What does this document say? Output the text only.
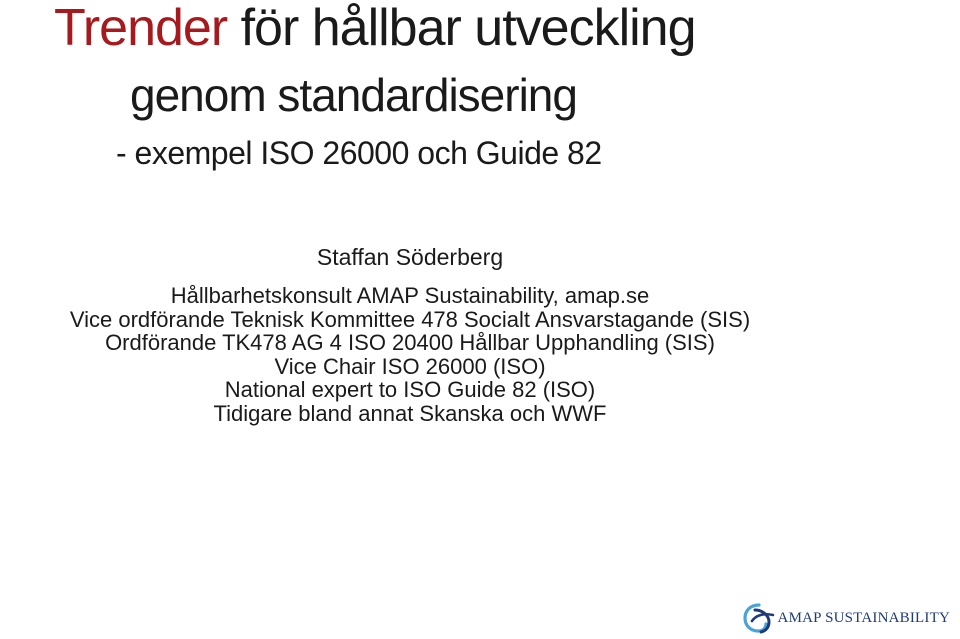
Trender för hållbar utveckling
genom standardisering
- exempel ISO 26000 och Guide 82
Staffan Söderberg
Hållbarhetskonsult AMAP Sustainability, amap.se
Vice ordförande Teknisk Kommittee 478 Socialt Ansvarstagande (SIS)
Ordförande TK478 AG 4 ISO 20400 Hållbar Upphandling (SIS)
Vice Chair ISO 26000 (ISO)
National expert to ISO Guide 82 (ISO)
Tidigare bland annat Skanska och WWF
AMAP SUSTAINABILITY
